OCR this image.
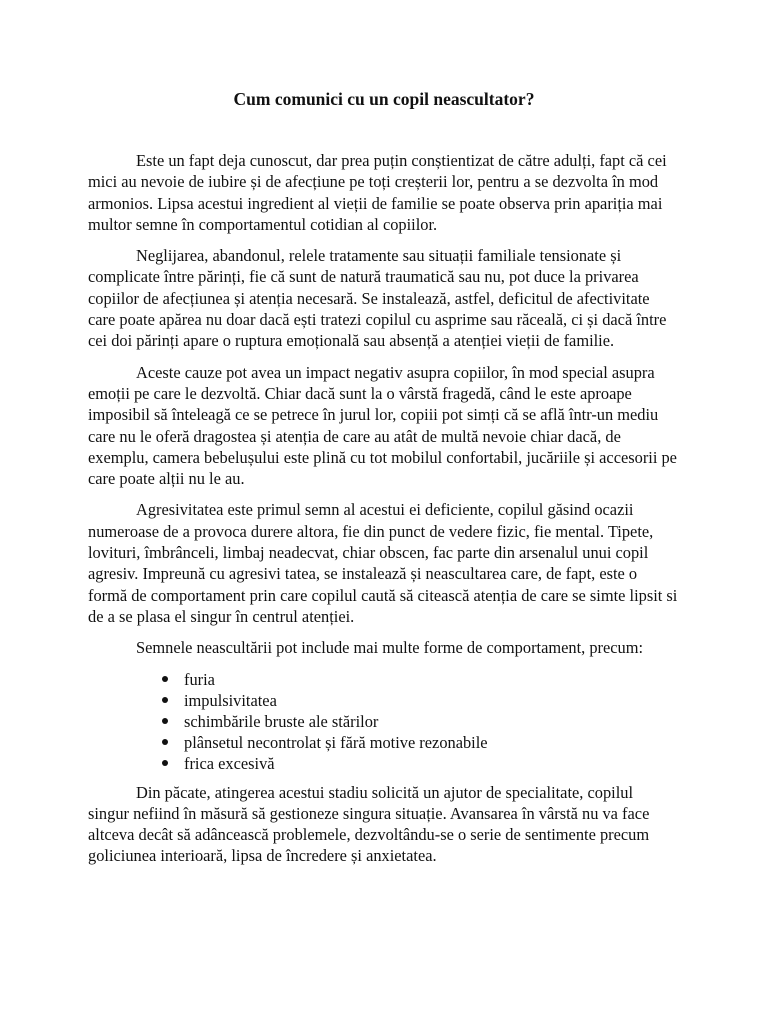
Cum comunici cu un copil neascultator?

Este un fapt deja cunoscut, dar prea puțin conștientizat de către adulți, fapt că cei mici au nevoie de iubire și de afecțiune pe toți creșterii lor, pentru a se dezvolta în mod armonios. Lipsa acestui ingredient al vieții de familie se poate observa prin apariția mai multor semne în comportamentul cotidian al copiilor.

Neglijarea, abandonul, relele tratamente sau situații familiale tensionate și complicate între părinți, fie că sunt de natură traumatică sau nu, pot duce la privarea copiilor de afecțiunea și atenția necesară. Se instalează, astfel, deficitul de afectivitate care poate apărea nu doar dacă ești tratezi copilul cu asprime sau răceală, ci și dacă între cei doi părinți apare o ruptura emoțională sau absență a atenției vieții de familie.

Aceste cauze pot avea un impact negativ asupra copiilor, în mod special asupra emoții pe care le dezvoltă. Chiar dacă sunt la o vârstă fragedă, când le este aproape imposibil să înteleagă ce se petrece în jurul lor, copiii pot simți că se află într-un mediu care nu le oferă dragostea și atenția de care au atât de multă nevoie chiar dacă, de exemplu, camera bebelușului este plină cu tot mobilul confortabil, jucăriile și accesorii pe care poate alții nu le au.

Agresivitatea este primul semn al acestui ei deficiente, copilul găsind ocazii numeroase de a provoca durere altora, fie din punct de vedere fizic, fie mental. Tipete, lovituri, îmbrânceli, limbaj neadecvat, chiar obscen, fac parte din arsenalul unui copil agresiv. Impreună cu agresivi tatea, se instalează și neascultarea care, de fapt, este o formă de comportament prin care copilul caută să citească atenția de care se simte lipsit si de a se plasa el singur în centrul atenției.

Semnele neascultării pot include mai multe forme de comportament, precum:

furia
impulsivitatea
schimbările bruste ale stărilor
plânsetul necontrolat și fără motive rezonabile
frica excesivă

Din păcate, atingerea acestui stadiu solicită un ajutor de specialitate, copilul singur nefiind în măsură să gestioneze singura situație. Avansarea în vârstă nu va face altceva decât să adâncească problemele, dezvoltându-se o serie de sentimente precum goliciunea interioară, lipsa de încredere și anxietatea.
